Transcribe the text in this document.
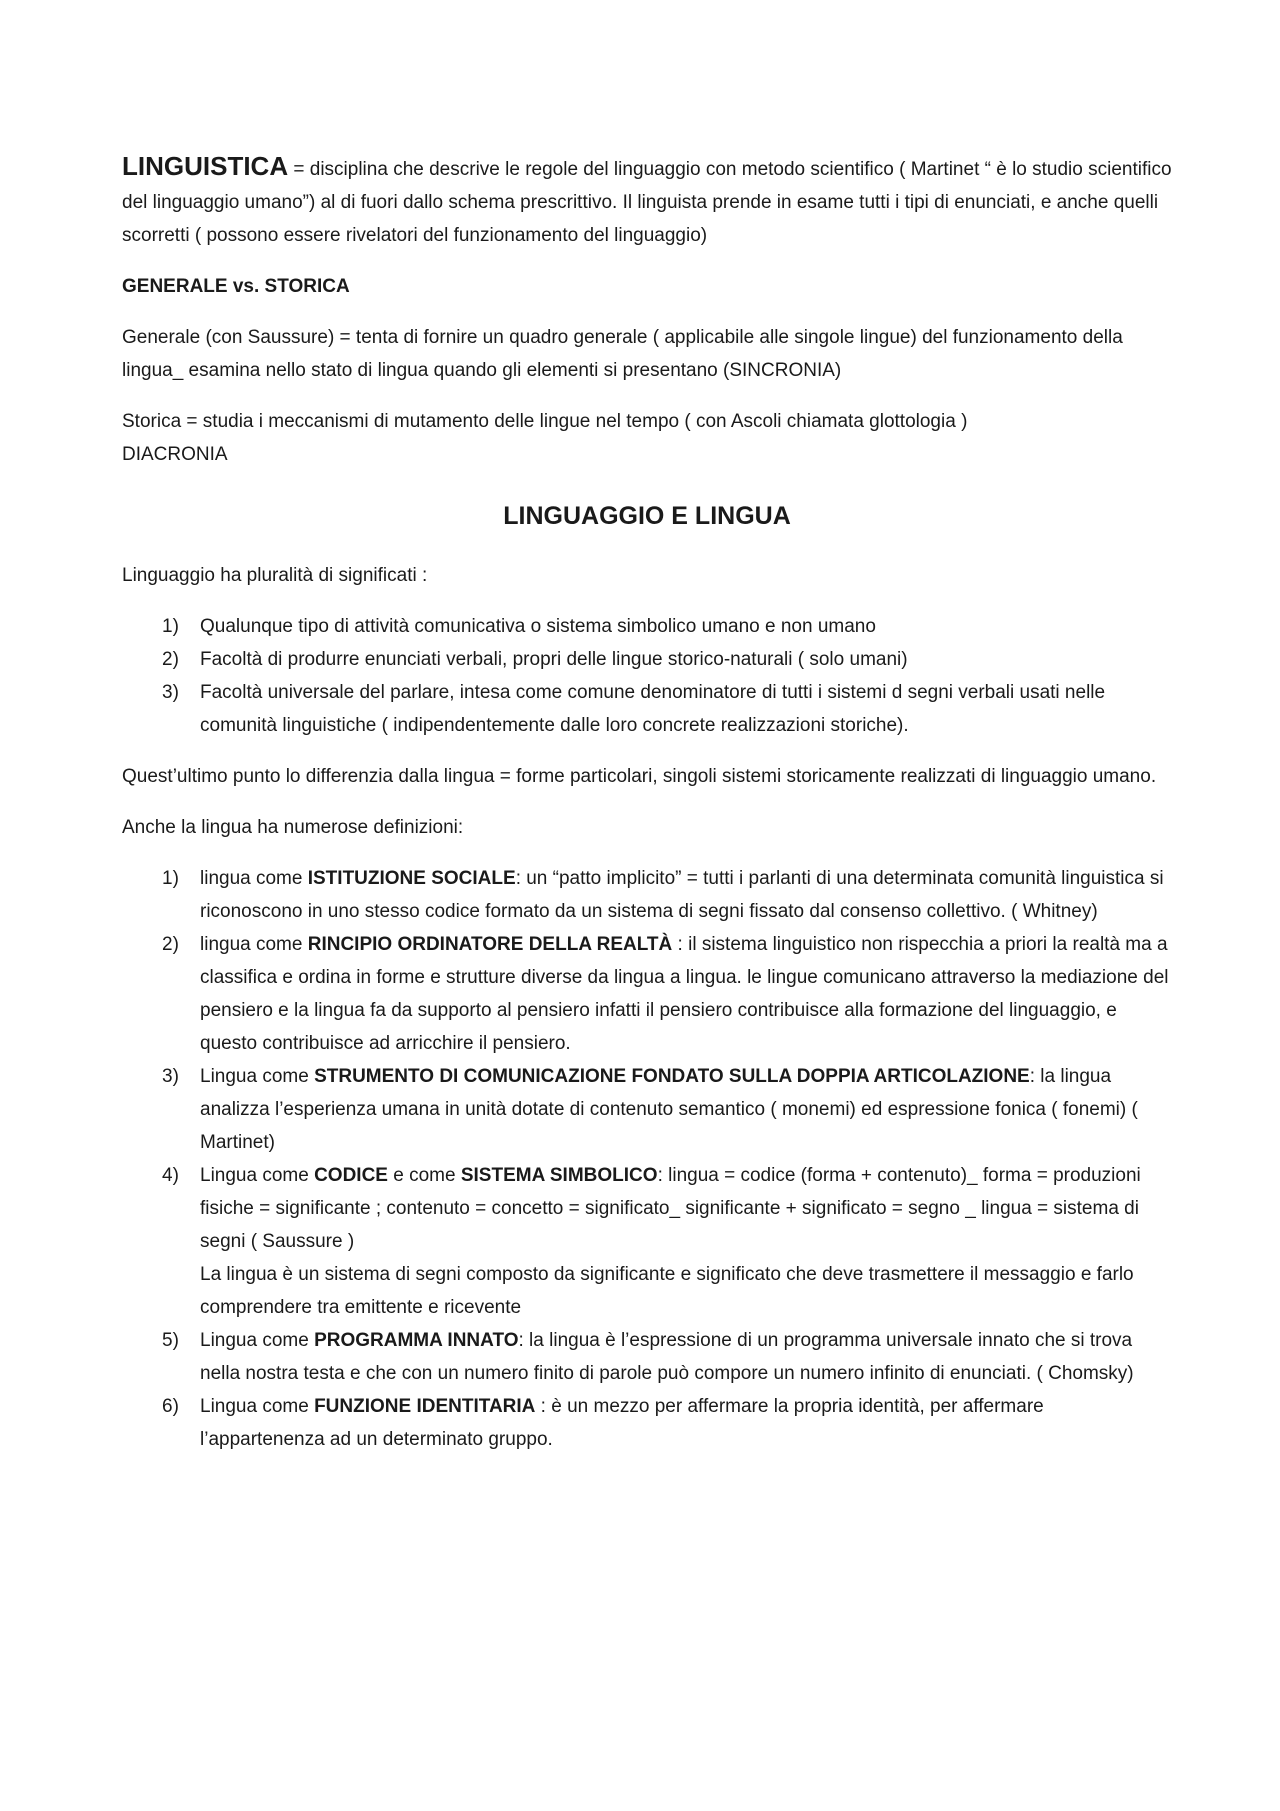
LINGUISTICA = disciplina che descrive le regole del linguaggio con metodo scientifico ( Martinet “ è lo studio scientifico del linguaggio umano”) al di fuori dallo schema prescrittivo. Il linguista prende in esame tutti i tipi di enunciati, e anche quelli scorretti ( possono essere rivelatori del funzionamento del linguaggio)

GENERALE vs. STORICA

Generale (con Saussure) = tenta di fornire un quadro generale ( applicabile alle singole lingue) del funzionamento della lingua_ esamina nello stato di lingua quando gli elementi si presentano (SINCRONIA)

Storica = studia i meccanismi di mutamento delle lingue nel tempo ( con Ascoli chiamata glottologia )
DIACRONIA

LINGUAGGIO E LINGUA

Linguaggio ha pluralità di significati :

1) Qualunque tipo di attività comunicativa o sistema simbolico umano e non umano
2) Facoltà di produrre enunciati verbali, propri delle lingue storico-naturali ( solo umani)
3) Facoltà universale del parlare, intesa come comune denominatore di tutti i sistemi d segni verbali usati nelle comunità linguistiche ( indipendentemente dalle loro concrete realizzazioni storiche).

Quest’ultimo punto lo differenzia dalla lingua = forme particolari, singoli sistemi storicamente realizzati di linguaggio umano.

Anche la lingua ha numerose definizioni:

1) lingua come ISTITUZIONE SOCIALE: un “patto implicito” = tutti i parlanti di una determinata comunità linguistica si riconoscono in uno stesso codice formato da un sistema di segni fissato dal consenso collettivo. ( Whitney)
2) lingua come RINCIPIO ORDINATORE DELLA REALTÀ : il sistema linguistico non rispecchia a priori la realtà ma a classifica e ordina in forme e strutture diverse da lingua a lingua. le lingue comunicano attraverso la mediazione del pensiero e la lingua fa da supporto al pensiero infatti il pensiero contribuisce alla formazione del linguaggio, e questo contribuisce ad arricchire il pensiero.
3) Lingua come STRUMENTO DI COMUNICAZIONE FONDATO SULLA DOPPIA ARTICOLAZIONE: la lingua analizza l’esperienza umana in unità dotate di contenuto semantico ( monemi) ed espressione fonica ( fonemi) ( Martinet)
4) Lingua come CODICE e come SISTEMA SIMBOLICO: lingua = codice (forma + contenuto)_ forma = produzioni fisiche = significante ; contenuto = concetto = significato_ significante + significato = segno _ lingua = sistema di segni ( Saussure )
La lingua è un sistema di segni composto da significante e significato che deve trasmettere il messaggio e farlo comprendere tra emittente e ricevente
5) Lingua come PROGRAMMA INNATO: la lingua è l’espressione di un programma universale innato che si trova nella nostra testa e che con un numero finito di parole può compore un numero infinito di enunciati. ( Chomsky)
6) Lingua come FUNZIONE IDENTITARIA : è un mezzo per affermare la propria identità, per affermare l’appartenenza ad un determinato gruppo.
